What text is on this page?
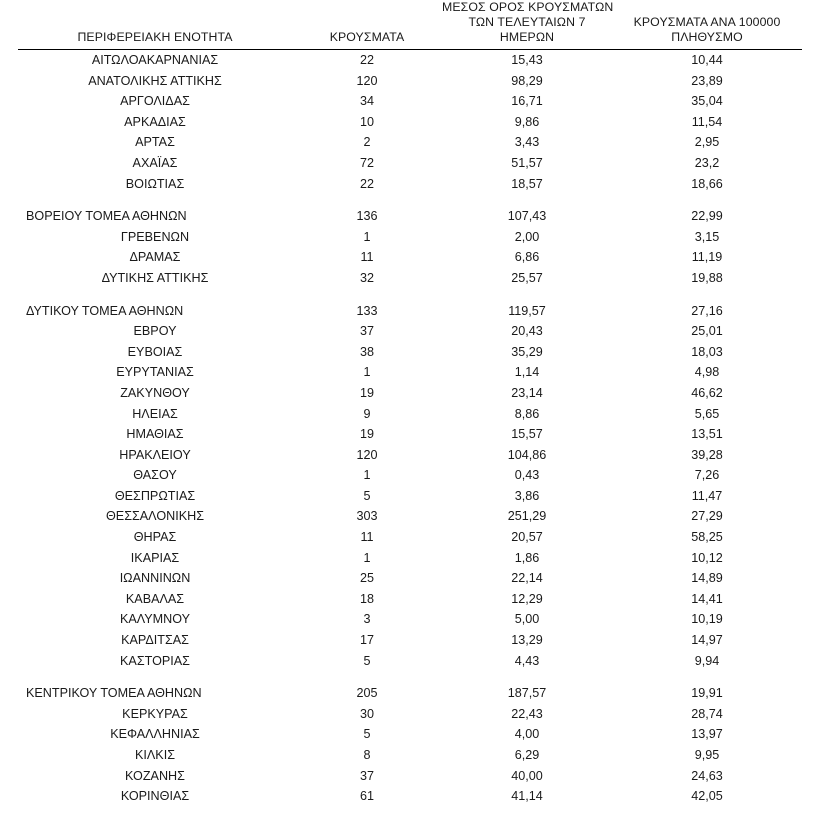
ΠΕΡΙΦΕΡΕΙΑΚΗ ΕΝΟΤΗΤΑ	ΚΡΟΥΣΜΑΤΑ	ΜΕΣΟΣ ΟΡΟΣ ΚΡΟΥΣΜΑΤΩΝ
ΤΩΝ ΤΕΛΕΥΤΑΙΩΝ 7
ΗΜΕΡΩΝ	ΚΡΟΥΣΜΑΤΑ ΑΝΑ 100000
ΠΛΗΘΥΣΜΟ

ΑΙΤΩΛΟΑΚΑΡΝΑΝΙΑΣ	22	15,43	10,44
ΑΝΑΤΟΛΙΚΗΣ ΑΤΤΙΚΗΣ	120	98,29	23,89
ΑΡΓΟΛΙΔΑΣ	34	16,71	35,04
ΑΡΚΑΔΙΑΣ	10	9,86	11,54
ΑΡΤΑΣ	2	3,43	2,95
ΑΧΑΪΑΣ	72	51,57	23,2
ΒΟΙΩΤΙΑΣ	22	18,57	18,66

ΒΟΡΕΙΟΥ ΤΟΜΕΑ ΑΘΗΝΩΝ	136	107,43	22,99
ΓΡΕΒΕΝΩΝ	1	2,00	3,15
ΔΡΑΜΑΣ	11	6,86	11,19
ΔΥΤΙΚΗΣ ΑΤΤΙΚΗΣ	32	25,57	19,88

ΔΥΤΙΚΟΥ ΤΟΜΕΑ ΑΘΗΝΩΝ	133	119,57	27,16
ΕΒΡΟΥ	37	20,43	25,01
ΕΥΒΟΙΑΣ	38	35,29	18,03
ΕΥΡΥΤΑΝΙΑΣ	1	1,14	4,98
ΖΑΚΥΝΘΟΥ	19	23,14	46,62
ΗΛΕΙΑΣ	9	8,86	5,65
ΗΜΑΘΙΑΣ	19	15,57	13,51
ΗΡΑΚΛΕΙΟΥ	120	104,86	39,28
ΘΑΣΟΥ	1	0,43	7,26
ΘΕΣΠΡΩΤΙΑΣ	5	3,86	11,47
ΘΕΣΣΑΛΟΝΙΚΗΣ	303	251,29	27,29
ΘΗΡΑΣ	11	20,57	58,25
ΙΚΑΡΙΑΣ	1	1,86	10,12
ΙΩΑΝΝΙΝΩΝ	25	22,14	14,89
ΚΑΒΑΛΑΣ	18	12,29	14,41
ΚΑΛΥΜΝΟΥ	3	5,00	10,19
ΚΑΡΔΙΤΣΑΣ	17	13,29	14,97
ΚΑΣΤΟΡΙΑΣ	5	4,43	9,94

ΚΕΝΤΡΙΚΟΥ ΤΟΜΕΑ ΑΘΗΝΩΝ	205	187,57	19,91
ΚΕΡΚΥΡΑΣ	30	22,43	28,74
ΚΕΦΑΛΛΗΝΙΑΣ	5	4,00	13,97
ΚΙΛΚΙΣ	8	6,29	9,95
ΚΟΖΑΝΗΣ	37	40,00	24,63
ΚΟΡΙΝΘΙΑΣ	61	41,14	42,05
